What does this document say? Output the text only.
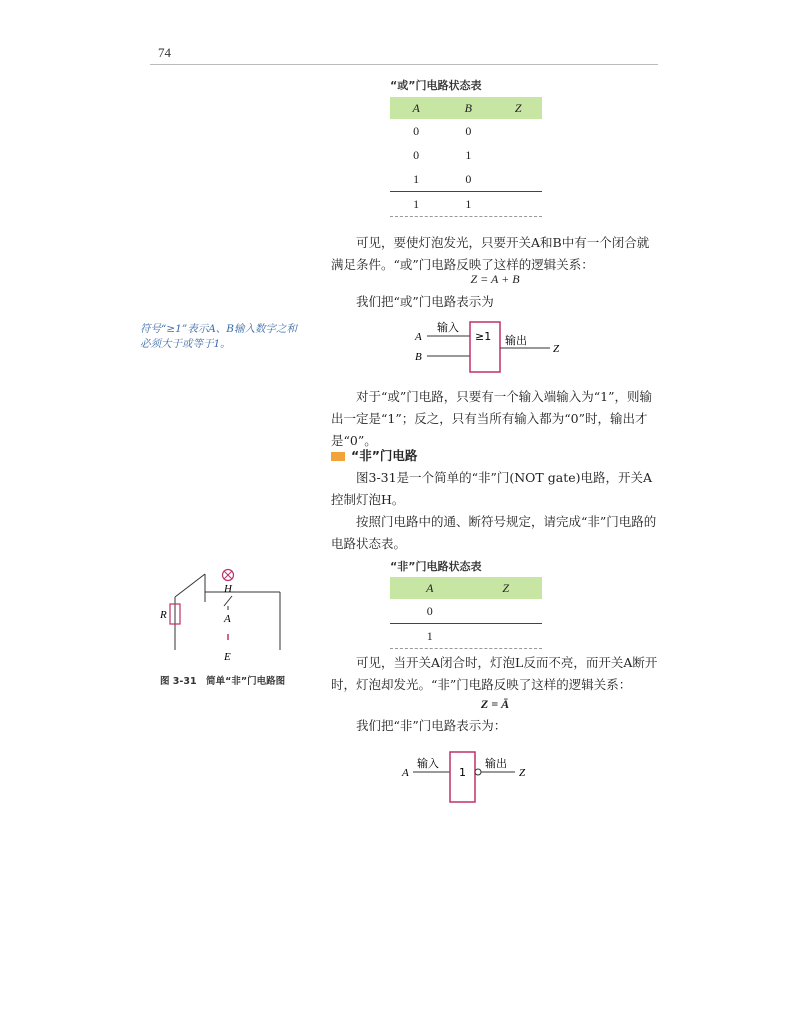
74
“或”门电路状态表
A	B	Z
0	0	
0	1	
1	0	
1	1	

可见，要使灯泡发光，只要开关A和B中有一个闭合就满足条件。“或”门电路反映了这样的逻辑关系：

Z = A + B

我们把“或”门电路表示为

符号“≥1”表示A、B输入数字之和必须大于或等于1。
A
B
输入
≥1 输出
Z

对于“或”门电路，只要有一个输入端输入为“1”，则输出一定是“1”；反之，只有当所有输入都为“0”时，输出才是“0”。

“非”门电路

图3-31是一个简单的“非”门(NOT gate)电路，开关A控制灯泡H。

按照门电路中的通、断符号规定，请完成“非”门电路的电路状态表。

“非”门电路状态表
A	Z
0	
1	
H
R	A
E
图 3-31　简单“非”门电路图

可见，当开关A闭合时，灯泡L反而不亮，而开关A断开时，灯泡却发光。“非”门电路反映了这样的逻辑关系：

Z = Ā

我们把“非”门电路表示为：

A
输入
1
输出
Z
